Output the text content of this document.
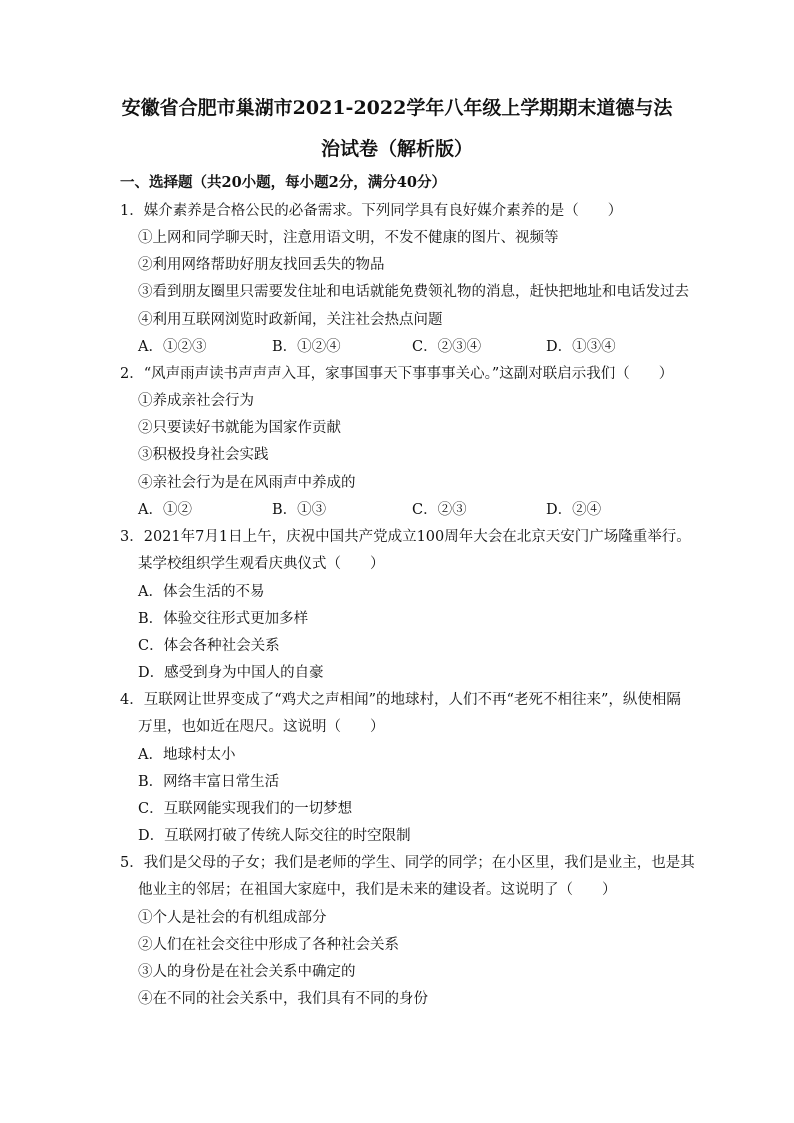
安徽省合肥市巢湖市2021-2022学年八年级上学期期末道德与法
治试卷（解析版）
一、选择题（共20小题，每小题2分，满分40分）
1．媒介素养是合格公民的必备需求。下列同学具有良好媒介素养的是（　　）
①上网和同学聊天时，注意用语文明，不发不健康的图片、视频等
②利用网络帮助好朋友找回丢失的物品
③看到朋友圈里只需要发住址和电话就能免费领礼物的消息，赶快把地址和电话发过去
④利用互联网浏览时政新闻，关注社会热点问题
A．①②③	B．①②④	C．②③④	D．①③④
2．“风声雨声读书声声声入耳，家事国事天下事事事关心。”这副对联启示我们（　　）
①养成亲社会行为
②只要读好书就能为国家作贡献
③积极投身社会实践
④亲社会行为是在风雨声中养成的
A．①②	B．①③	C．②③	D．②④
3．2021年7月1日上午，庆祝中国共产党成立100周年大会在北京天安门广场隆重举行。
某学校组织学生观看庆典仪式（　　）
A．体会生活的不易
B．体验交往形式更加多样
C．体会各种社会关系
D．感受到身为中国人的自豪
4．互联网让世界变成了“鸡犬之声相闻”的地球村，人们不再“老死不相往来”，纵使相隔
万里，也如近在咫尺。这说明（　　）
A．地球村太小
B．网络丰富日常生活
C．互联网能实现我们的一切梦想
D．互联网打破了传统人际交往的时空限制
5．我们是父母的子女；我们是老师的学生、同学的同学；在小区里，我们是业主，也是其
他业主的邻居；在祖国大家庭中，我们是未来的建设者。这说明了（　　）
①个人是社会的有机组成部分
②人们在社会交往中形成了各种社会关系
③人的身份是在社会关系中确定的
④在不同的社会关系中，我们具有不同的身份
